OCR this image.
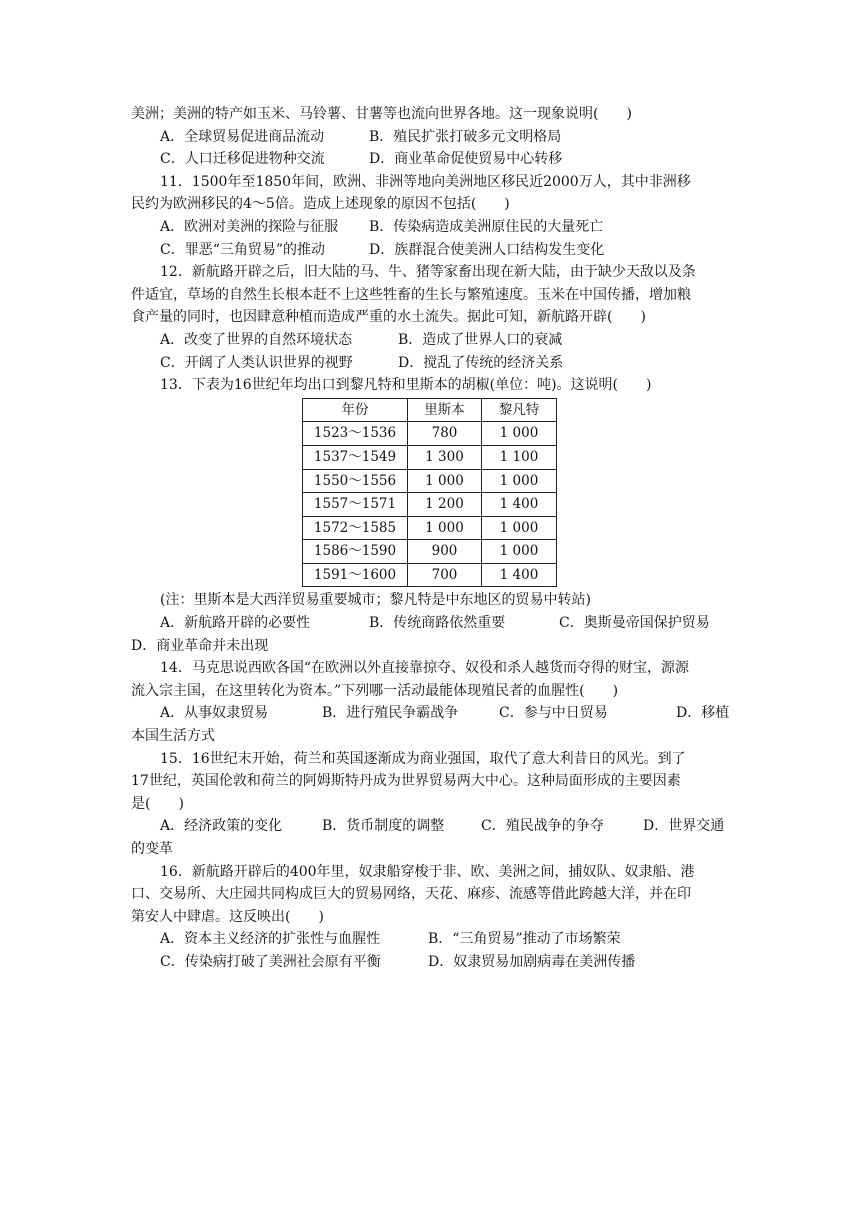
美洲；美洲的特产如玉米、马铃薯、甘薯等也流向世界各地。这一现象说明(　　)
A．全球贸易促进商品流动	B．殖民扩张打破多元文明格局
C．人口迁移促进物种交流	D．商业革命促使贸易中心转移
11．1500年至1850年间，欧洲、非洲等地向美洲地区移民近2000万人，其中非洲移
民约为欧洲移民的4～5倍。造成上述现象的原因不包括(　　)
A．欧洲对美洲的探险与征服 B．传染病造成美洲原住民的大量死亡
C．罪恶“三角贸易”的推动	D．族群混合使美洲人口结构发生变化
12．新航路开辟之后，旧大陆的马、牛、猪等家畜出现在新大陆，由于缺少天敌以及条
件适宜，草场的自然生长根本赶不上这些牲畜的生长与繁殖速度。玉米在中国传播，增加粮
食产量的同时，也因肆意种植而造成严重的水土流失。据此可知，新航路开辟(　　)
A．改变了世界的自然环境状态	B．造成了世界人口的衰减
C．开阔了人类认识世界的视野	D．搅乱了传统的经济关系
13．下表为16世纪年均出口到黎凡特和里斯本的胡椒(单位：吨)。这说明(　　)
年份	里斯本	黎凡特
1523～1536	780	1 000
1537～1549	1 300	1 100
1550～1556	1 000	1 000
1557～1571	1 200	1 400
1572～1585	1 000	1 000
1586～1590	900	1 000
1591～1600	700	1 400
(注：里斯本是大西洋贸易重要城市；黎凡特是中东地区的贸易中转站)
A．新航路开辟的必要性	B．传统商路依然重要	C．奥斯曼帝国保护贸易
D．商业革命并未出现
14．马克思说西欧各国“在欧洲以外直接靠掠夺、奴役和杀人越货而夺得的财宝，源源
流入宗主国，在这里转化为资本。”下列哪一活动最能体现殖民者的血腥性(　　)
A．从事奴隶贸易	B．进行殖民争霸战争	C．参与中日贸易	D．移植
本国生活方式
15．16世纪末开始，荷兰和英国逐渐成为商业强国，取代了意大利昔日的风光。到了
17世纪，英国伦敦和荷兰的阿姆斯特丹成为世界贸易两大中心。这种局面形成的主要因素
是(　　)
A．经济政策的变化	B．货币制度的调整	C．殖民战争的争夺	D．世界交通
的变革
16．新航路开辟后的400年里，奴隶船穿梭于非、欧、美洲之间，捕奴队、奴隶船、港
口、交易所、大庄园共同构成巨大的贸易网络，天花、麻疹、流感等借此跨越大洋，并在印
第安人中肆虐。这反映出(　　)
A．资本主义经济的扩张性与血腥性	B．“三角贸易”推动了市场繁荣
C．传染病打破了美洲社会原有平衡	D．奴隶贸易加剧病毒在美洲传播
